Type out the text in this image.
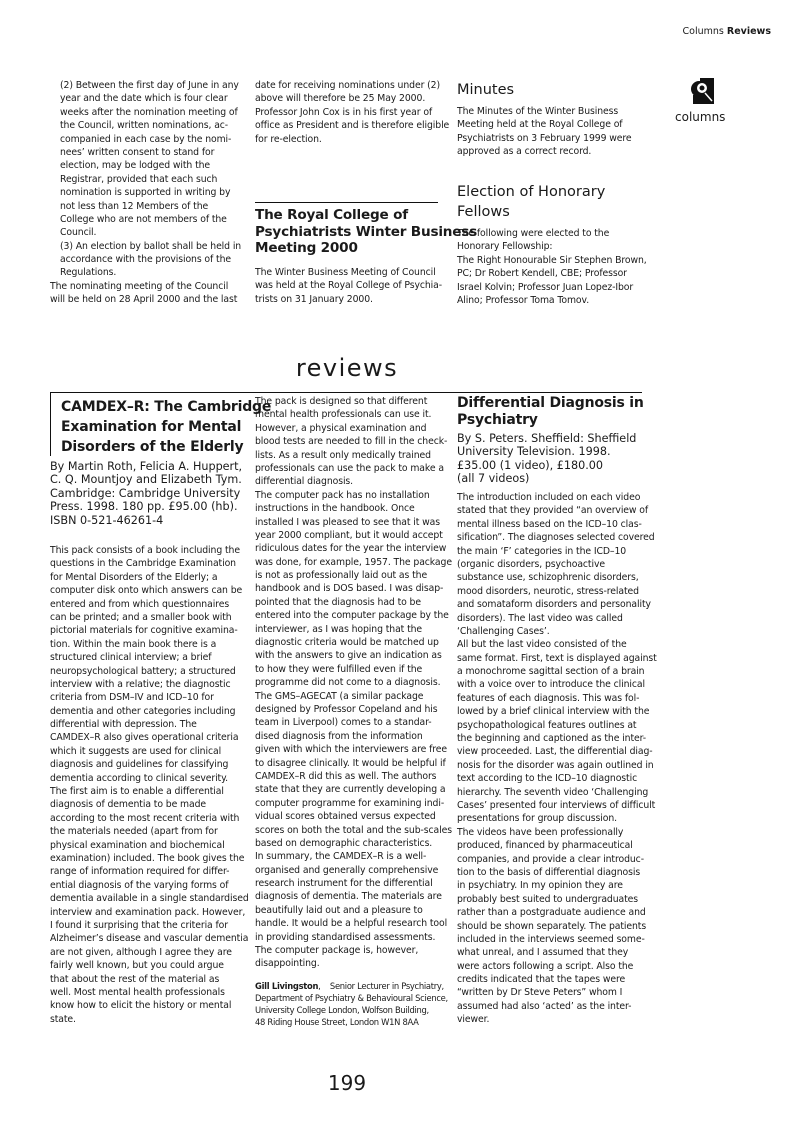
Columns Reviews
columns
(2) Between the first day of June in any
year and the date which is four clear
weeks after the nomination meeting of
the Council, written nominations, ac-
companied in each case by the nomi-
nees’ written consent to stand for
election, may be lodged with the
Registrar, provided that each such
nomination is supported in writing by
not less than 12 Members of the
College who are not members of the
Council.
(3) An election by ballot shall be held in
accordance with the provisions of the
Regulations.
The nominating meeting of the Council
will be held on 28 April 2000 and the last
date for receiving nominations under (2)
above will therefore be 25 May 2000.
Professor John Cox is in his first year of
office as President and is therefore eligible
for re-election.
The Royal College of
Psychiatrists Winter Business
Meeting 2000
The Winter Business Meeting of Council
was held at the Royal College of Psychia-
trists on 31 January 2000.
Minutes
The Minutes of the Winter Business
Meeting held at the Royal College of
Psychiatrists on 3 February 1999 were
approved as a correct record.
Election of Honorary
Fellows
The following were elected to the
Honorary Fellowship:
The Right Honourable Sir Stephen Brown,
PC; Dr Robert Kendell, CBE; Professor
Israel Kolvin; Professor Juan Lopez-Ibor
Alino; Professor Toma Tomov.
reviews
CAMDEX–R: The Cambridge
Examination for Mental
Disorders of the Elderly
By Martin Roth, Felicia A. Huppert,
C. Q. Mountjoy and Elizabeth Tym.
Cambridge: Cambridge University
Press. 1998. 180 pp. £95.00 (hb).
ISBN 0-521-46261-4
This pack consists of a book including the
questions in the Cambridge Examination
for Mental Disorders of the Elderly; a
computer disk onto which answers can be
entered and from which questionnaires
can be printed; and a smaller book with
pictorial materials for cognitive examina-
tion. Within the main book there is a
structured clinical interview; a brief
neuropsychological battery; a structured
interview with a relative; the diagnostic
criteria from DSM–IV and ICD–10 for
dementia and other categories including
differential with depression. The
CAMDEX–R also gives operational criteria
which it suggests are used for clinical
diagnosis and guidelines for classifying
dementia according to clinical severity.
The first aim is to enable a differential
diagnosis of dementia to be made
according to the most recent criteria with
the materials needed (apart from for
physical examination and biochemical
examination) included. The book gives the
range of information required for differ-
ential diagnosis of the varying forms of
dementia available in a single standardised
interview and examination pack. However,
I found it surprising that the criteria for
Alzheimer’s disease and vascular dementia
are not given, although I agree they are
fairly well known, but you could argue
that about the rest of the material as
well. Most mental health professionals
know how to elicit the history or mental
state.
The pack is designed so that different
mental health professionals can use it.
However, a physical examination and
blood tests are needed to fill in the check-
lists. As a result only medically trained
professionals can use the pack to make a
differential diagnosis.
The computer pack has no installation
instructions in the handbook. Once
installed I was pleased to see that it was
year 2000 compliant, but it would accept
ridiculous dates for the year the interview
was done, for example, 1957. The package
is not as professionally laid out as the
handbook and is DOS based. I was disap-
pointed that the diagnosis had to be
entered into the computer package by the
interviewer, as I was hoping that the
diagnostic criteria would be matched up
with the answers to give an indication as
to how they were fulfilled even if the
programme did not come to a diagnosis.
The GMS–AGECAT (a similar package
designed by Professor Copeland and his
team in Liverpool) comes to a standar-
dised diagnosis from the information
given with which the interviewers are free
to disagree clinically. It would be helpful if
CAMDEX–R did this as well. The authors
state that they are currently developing a
computer programme for examining indi-
vidual scores obtained versus expected
scores on both the total and the sub-scales
based on demographic characteristics.
In summary, the CAMDEX–R is a well-
organised and generally comprehensive
research instrument for the differential
diagnosis of dementia. The materials are
beautifully laid out and a pleasure to
handle. It would be a helpful research tool
in providing standardised assessments.
The computer package is, however,
disappointing.
Gill Livingston,    Senior Lecturer in Psychiatry,
Department of Psychiatry & Behavioural Science,
University College London, Wolfson Building,
48 Riding House Street, London W1N 8AA
Differential Diagnosis in
Psychiatry
By S. Peters. Sheffield: Sheffield
University Television. 1998.
£35.00 (1 video), £180.00
(all 7 videos)
The introduction included on each video
stated that they provided “an overview of
mental illness based on the ICD–10 clas-
sification”. The diagnoses selected covered
the main ‘F’ categories in the ICD–10
(organic disorders, psychoactive
substance use, schizophrenic disorders,
mood disorders, neurotic, stress-related
and somataform disorders and personality
disorders). The last video was called
‘Challenging Cases’.
All but the last video consisted of the
same format. First, text is displayed against
a monochrome sagittal section of a brain
with a voice over to introduce the clinical
features of each diagnosis. This was fol-
lowed by a brief clinical interview with the
psychopathological features outlines at
the beginning and captioned as the inter-
view proceeded. Last, the differential diag-
nosis for the disorder was again outlined in
text according to the ICD–10 diagnostic
hierarchy. The seventh video ‘Challenging
Cases’ presented four interviews of difficult
presentations for group discussion.
The videos have been professionally
produced, financed by pharmaceutical
companies, and provide a clear introduc-
tion to the basis of differential diagnosis
in psychiatry. In my opinion they are
probably best suited to undergraduates
rather than a postgraduate audience and
should be shown separately. The patients
included in the interviews seemed some-
what unreal, and I assumed that they
were actors following a script. Also the
credits indicated that the tapes were
“written by Dr Steve Peters” whom I
assumed had also ‘acted’ as the inter-
viewer.
199
